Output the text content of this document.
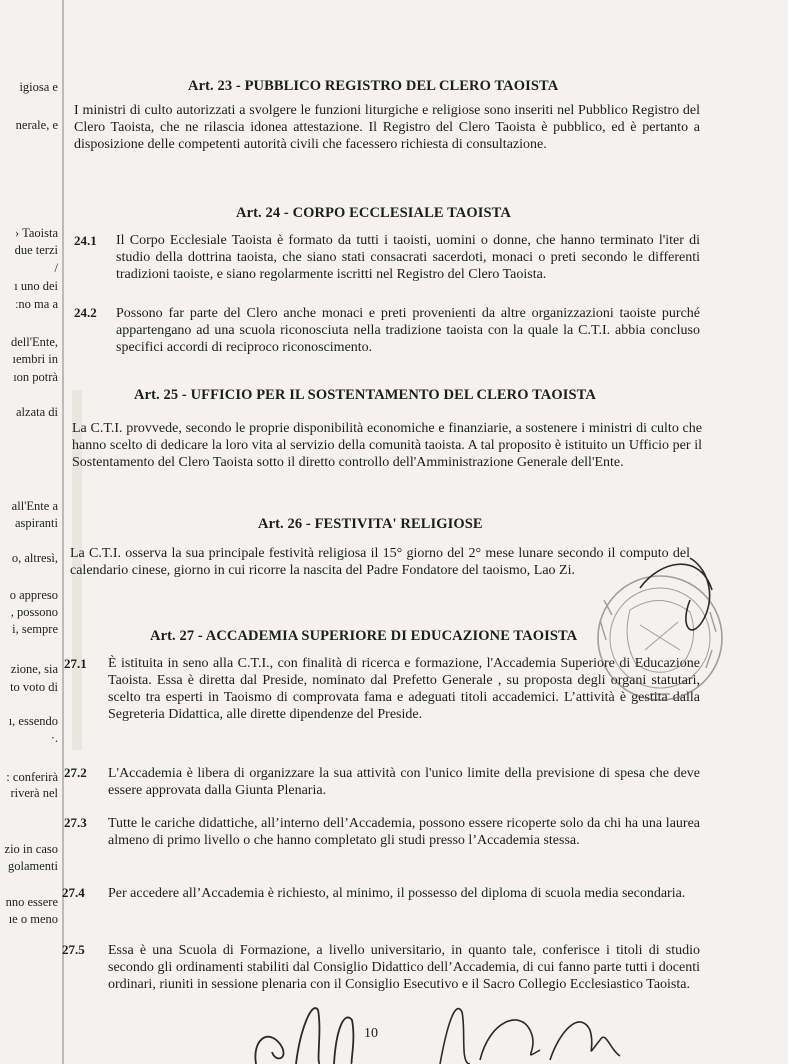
igiosa e
nerale, e
› Taoista
due terzi
/
ı uno dei
ːno ma a
dell'Ente,
ıembri in
ıon potrà
alzata di
all'Ente a
aspiranti
o, altresì,
o appreso
, possono
i, sempre
zione, sia
to voto di
ı, essendo
·.
: conferirà
riverà nel
zio in caso
golamenti
nno essere
ıe o meno
Art. 23 - PUBBLICO REGISTRO DEL CLERO TAOISTA
I ministri di culto autorizzati a svolgere le funzioni liturgiche e religiose sono inseriti nel Pubblico Registro del Clero Taoista, che ne rilascia idonea attestazione. Il Registro del Clero Taoista è pubblico, ed è pertanto a disposizione delle competenti autorità civili che facessero richiesta di consultazione.
Art. 24 - CORPO ECCLESIALE TAOISTA
24.1 Il Corpo Ecclesiale Taoista è formato da tutti i taoisti, uomini o donne, che hanno terminato l'iter di studio della dottrina taoista, che siano stati consacrati sacerdoti, monaci o preti secondo le differenti tradizioni taoiste, e siano regolarmente iscritti nel Registro del Clero Taoista.
24.2 Possono far parte del Clero anche monaci e preti provenienti da altre organizzazioni taoiste purché appartengano ad una scuola riconosciuta nella tradizione taoista con la quale la C.T.I. abbia concluso specifici accordi di reciproco riconoscimento.
Art. 25 - UFFICIO PER IL SOSTENTAMENTO DEL CLERO TAOISTA
La C.T.I. provvede, secondo le proprie disponibilità economiche e finanziarie, a sostenere i ministri di culto che hanno scelto di dedicare la loro vita al servizio della comunità taoista. A tal proposito è istituito un Ufficio per il Sostentamento del Clero Taoista sotto il diretto controllo dell'Amministrazione Generale dell'Ente.
Art. 26 - FESTIVITA' RELIGIOSE
La C.T.I. osserva la sua principale festività religiosa il 15° giorno del 2° mese lunare secondo il computo del calendario cinese, giorno in cui ricorre la nascita del Padre Fondatore del taoismo, Lao Zi.
Art. 27 - ACCADEMIA SUPERIORE DI EDUCAZIONE TAOISTA
27.1 È istituita in seno alla C.T.I., con finalità di ricerca e formazione, l'Accademia Superiore di Educazione Taoista. Essa è diretta dal Preside, nominato dal Prefetto Generale , su proposta degli organi statutari, scelto tra esperti in Taoismo di comprovata fama e adeguati titoli accademici. L’attività è gestita dalla Segreteria Didattica, alle dirette dipendenze del Preside.
27.2 L'Accademia è libera di organizzare la sua attività con l'unico limite della previsione di spesa che deve essere approvata dalla Giunta Plenaria.
27.3 Tutte le cariche didattiche, all’interno dell’Accademia, possono essere ricoperte solo da chi ha una laurea almeno di primo livello o che hanno completato gli studi presso l’Accademia stessa.
27.4 Per accedere all’Accademia è richiesto, al minimo, il possesso del diploma di scuola media secondaria.
27.5 Essa è una Scuola di Formazione, a livello universitario, in quanto tale, conferisce i titoli di studio secondo gli ordinamenti stabiliti dal Consiglio Didattico dell’Accademia, di cui fanno parte tutti i docenti ordinari, riuniti in sessione plenaria con il Consiglio Esecutivo e il Sacro Collegio Ecclesiastico Taoista.
10
